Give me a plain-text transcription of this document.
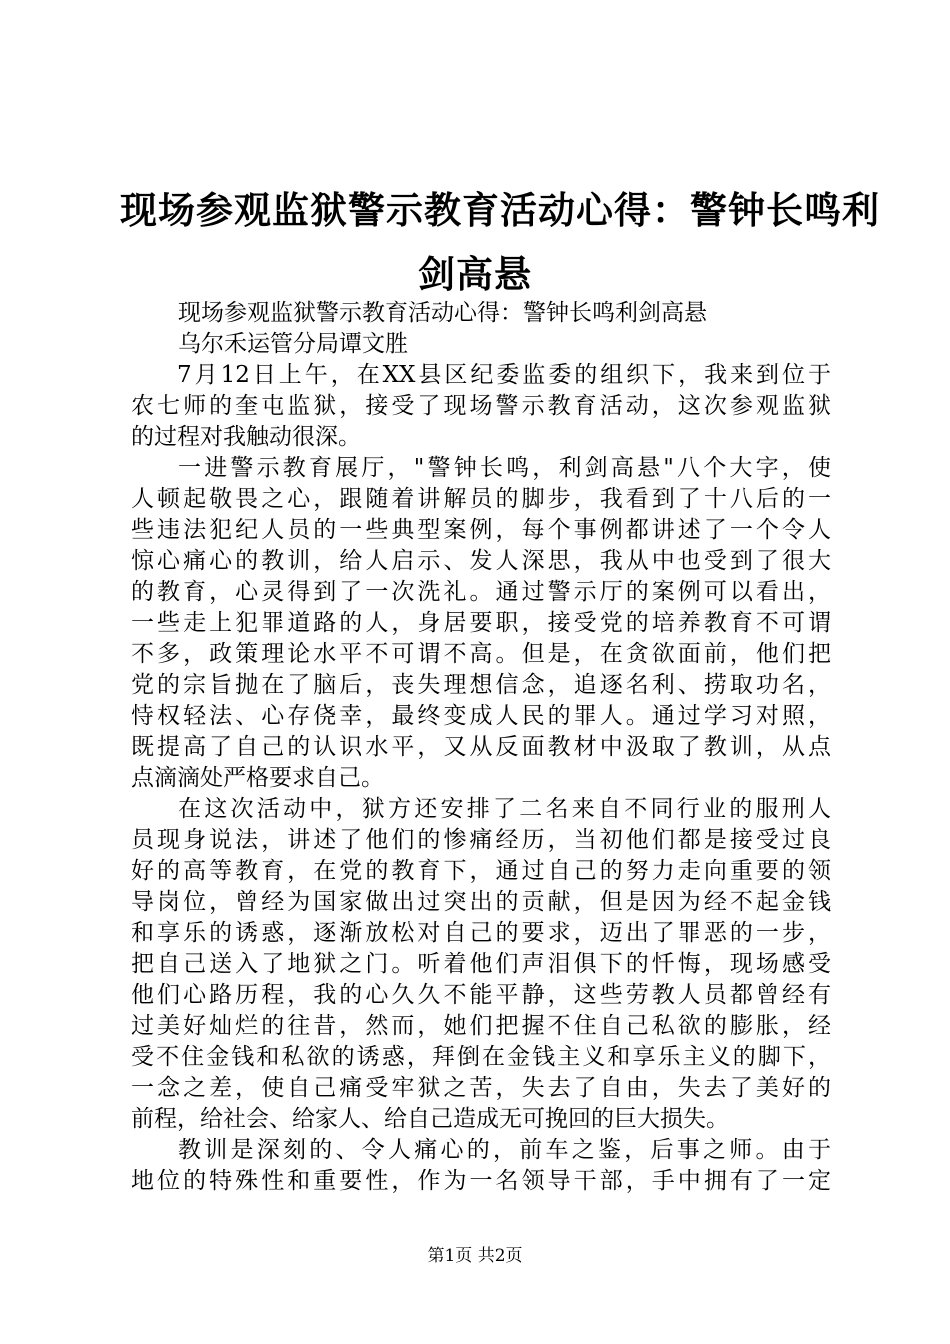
现场参观监狱警示教育活动心得：警钟长鸣利
剑高悬
现场参观监狱警示教育活动心得：警钟长鸣利剑高悬
乌尔禾运管分局谭文胜
7月12日上午，在XX县区纪委监委的组织下，我来到位于
农七师的奎屯监狱，接受了现场警示教育活动，这次参观监狱
的过程对我触动很深。
一进警示教育展厅，"警钟长鸣，利剑高悬"八个大字，使
人顿起敬畏之心，跟随着讲解员的脚步，我看到了十八后的一
些违法犯纪人员的一些典型案例，每个事例都讲述了一个令人
惊心痛心的教训，给人启示、发人深思，我从中也受到了很大
的教育，心灵得到了一次洗礼。通过警示厅的案例可以看出，
一些走上犯罪道路的人，身居要职，接受党的培养教育不可谓
不多，政策理论水平不可谓不高。但是，在贪欲面前，他们把
党的宗旨抛在了脑后，丧失理想信念，追逐名利、捞取功名，
恃权轻法、心存侥幸，最终变成人民的罪人。通过学习对照，
既提高了自己的认识水平，又从反面教材中汲取了教训，从点
点滴滴处严格要求自己。
在这次活动中，狱方还安排了二名来自不同行业的服刑人
员现身说法，讲述了他们的惨痛经历，当初他们都是接受过良
好的高等教育，在党的教育下，通过自己的努力走向重要的领
导岗位，曾经为国家做出过突出的贡献，但是因为经不起金钱
和享乐的诱惑，逐渐放松对自己的要求，迈出了罪恶的一步，
把自己送入了地狱之门。听着他们声泪俱下的忏悔，现场感受
他们心路历程，我的心久久不能平静，这些劳教人员都曾经有
过美好灿烂的往昔，然而，她们把握不住自己私欲的膨胀，经
受不住金钱和私欲的诱惑，拜倒在金钱主义和享乐主义的脚下，
一念之差，使自己痛受牢狱之苦，失去了自由，失去了美好的
前程，给社会、给家人、给自己造成无可挽回的巨大损失。
教训是深刻的、令人痛心的，前车之鉴，后事之师。由于
地位的特殊性和重要性，作为一名领导干部，手中拥有了一定
第1页 共2页
